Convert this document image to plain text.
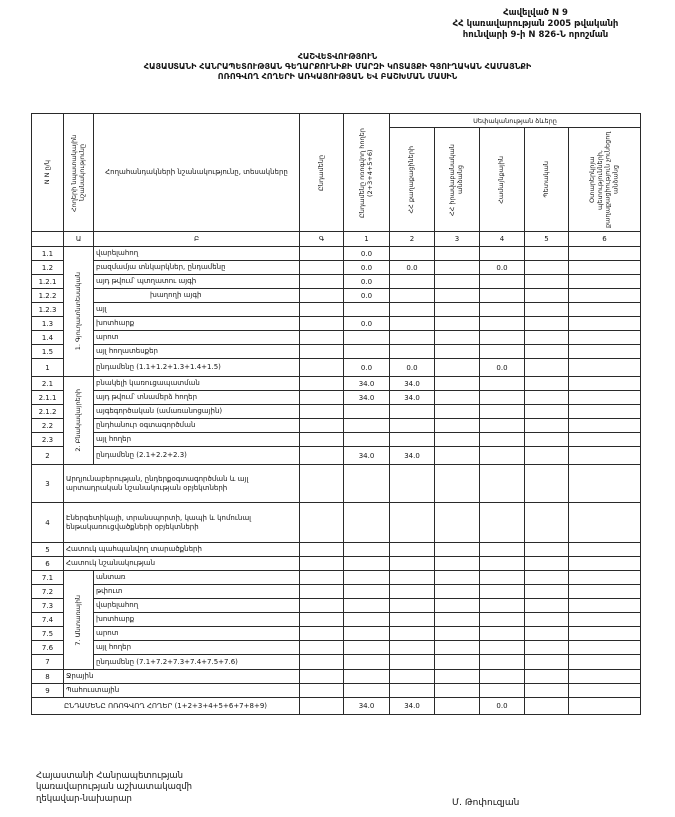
Հավելված N 9
ՀՀ կառավարության 2005 թվականի
հունվարի 9-ի N 826-Ն որոշման
ՀԱՇՎԵՏՎՈՒԹՅՈՒՆ
ՀԱՅԱՍՏԱՆԻ ՀԱՆՐԱՊԵՏՈՒԹՅԱՆ ԳԵՂԱՐՔՈՒՆԻՔԻ ՄԱՐԶԻ ԿՈՏԱՅՔԻ ԳՅՈՒՂԱԿԱՆ ՀԱՄԱՅՆՔԻ
ՈՌՈԳՎՈՂ ՀՈՂԵՐԻ ԱՌԿԱՅՈՒԹՅԱՆ ԵՎ ԲԱՇԽՄԱՆ ՄԱՍԻՆ
N N ը/կ	Հողերի նպատակային նշանակությունը	Հողահանդակների նշանակությունը, տեսակները	Ընդամենը	Ընդամենը ոռոգվող հողեր (2+3+4+5+6)	Սեփականության ձևերը				
					ՀՀ քաղաքացիների	ՀՀ իրավաբանական անձանց	Համայնքային	Պետական	Օտարերկրյա պետությունների, քաղաքացիություն չունեցող անձանց
	Ա	Բ	Գ	1	2	3	4	5	6
1.1	1. Գյուղատնտեսական	վարելահող		0.0					
1.2		բազմամյա տնկարկներ, ընդամենը		0.0	0.0		0.0		
1.2.1		այդ թվում՝ պտղատու այգի		0.0					
1.2.2		խաղողի այգի		0.0					
1.2.3		այլ							
1.3		խոտհարք		0.0					
1.4		արոտ							
1.5		այլ հողատեսքեր							
1		ընդամենը (1.1+1.2+1.3+1.4+1.5)		0.0	0.0		0.0		
2.1	2. Բնակավայրերի	բնակելի կառուցապատման		34.0	34.0				
2.1.1		այդ թվում՝ տնամերձ հողեր		34.0	34.0				
2.1.2		այգեգործական (ամառանոցային)							
2.2		ընդհանուր օգտագործման							
2.3		այլ հողեր							
2		ընդամենը (2.1+2.2+2.3)		34.0	34.0				
3	Արդյունաբերության, ընդերքօգտագործման և այլ արտադրական նշանակության օբյեկտների								
4	Էներգետիկայի, տրանսպորտի, կապի և կոմունալ ենթակառուցվածքների օբյեկտների								
5	Հատուկ պահպանվող տարածքների								
6	Հատուկ նշանակության								
7.1	7. Անտառային	անտառ							
7.2		թփուտ							
7.3		վարելահող							
7.4		խոտհարք							
7.5		արոտ							
7.6		այլ հողեր							
7		ընդամենը (7.1+7.2+7.3+7.4+7.5+7.6)							
8	Ջրային								
9	Պահուստային								
ԸՆԴԱՄԵՆԸ ՈՌՈԳՎՈՂ ՀՈՂԵՐ (1+2+3+4+5+6+7+8+9)				34.0	34.0		0.0		
Հայաստանի Հանրապետության
կառավարության աշխատակազմի
ղեկավար-նախարար	Մ. Թոփուզյան
